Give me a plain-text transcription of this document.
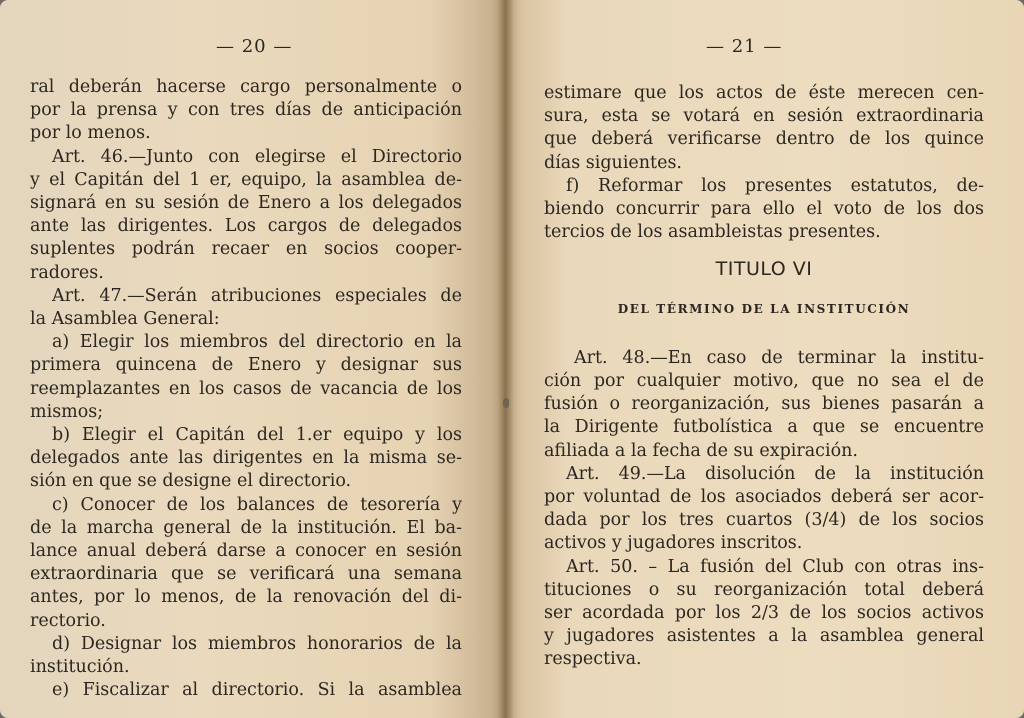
— 20 —
ral deberán hacerse cargo personalmente o
por la prensa y con tres días de anticipación
por lo menos.
Art. 46.—Junto con elegirse el Directorio
y el Capitán del 1 er, equipo, la asamblea de-
signará en su sesión de Enero a los delegados
ante las dirigentes. Los cargos de delegados
suplentes podrán recaer en socios cooper-
radores.
Art. 47.—Serán atribuciones especiales de
la Asamblea General:
a) Elegir los miembros del directorio en la
primera quincena de Enero y designar sus
reemplazantes en los casos de vacancia de los
mismos;
b) Elegir el Capitán del 1.er equipo y los
delegados ante las dirigentes en la misma se-
sión en que se designe el directorio.
c) Conocer de los balances de tesorería y
de la marcha general de la institución. El ba-
lance anual deberá darse a conocer en sesión
extraordinaria que se verificará una semana
antes, por lo menos, de la renovación del di-
rectorio.
d) Designar los miembros honorarios de la
institución.
e) Fiscalizar al directorio. Si la asamblea
— 21 —
estimare que los actos de éste merecen cen-
sura, esta se votará en sesión extraordinaria
que deberá verificarse dentro de los quince
días siguientes.
f) Reformar los presentes estatutos, de-
biendo concurrir para ello el voto de los dos
tercios de los asambleistas presentes.
TITULO VI
DEL TÉRMINO DE LA INSTITUCIÓN
Art. 48.—En caso de terminar la institu-
ción por cualquier motivo, que no sea el de
fusión o reorganización, sus bienes pasarán a
la Dirigente futbolística a que se encuentre
afiliada a la fecha de su expiración.
Art. 49.—La disolución de la institución
por voluntad de los asociados deberá ser acor-
dada por los tres cuartos (3/4) de los socios
activos y jugadores inscritos.
Art. 50. – La fusión del Club con otras ins-
tituciones o su reorganización total deberá
ser acordada por los 2/3 de los socios activos
y jugadores asistentes a la asamblea general
respectiva.
